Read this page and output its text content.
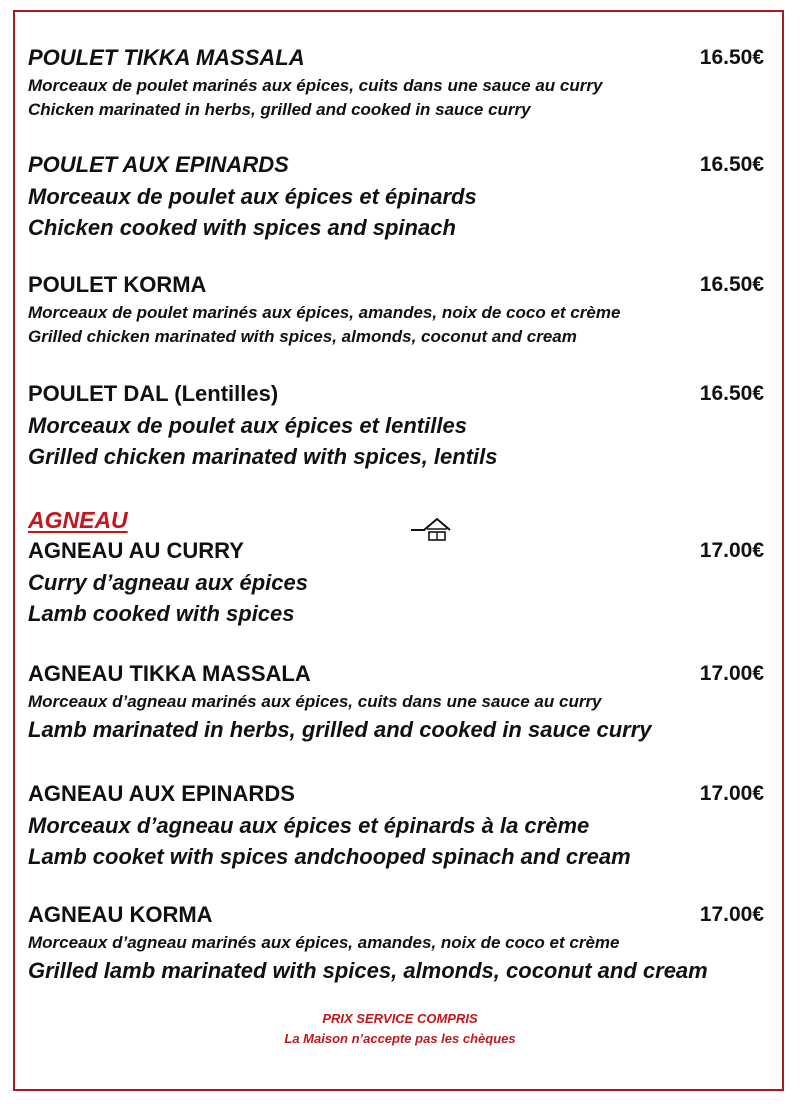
POULET TIKKA MASSALA	16.50€
Morceaux de poulet marinés aux épices, cuits dans une sauce au curry
Chicken marinated in herbs, grilled and cooked in sauce curry
POULET AUX EPINARDS	16.50€
Morceaux de poulet aux épices et épinards
Chicken cooked with spices and spinach
POULET KORMA	16.50€
Morceaux de poulet marinés aux épices, amandes, noix de coco et crème
Grilled chicken marinated with spices, almonds, coconut and cream
POULET DAL (Lentilles)	16.50€
Morceaux de poulet aux épices et lentilles
Grilled chicken marinated with spices, lentils
AGNEAU
AGNEAU AU CURRY	17.00€
Curry d’agneau aux épices
Lamb cooked with spices
AGNEAU TIKKA MASSALA	17.00€
Morceaux d’agneau marinés aux épices, cuits dans une sauce au curry
Lamb marinated in herbs, grilled and cooked in sauce curry
AGNEAU AUX EPINARDS	17.00€
Morceaux d’agneau aux épices et épinards à la crème
Lamb cooket with spices andchooped spinach and cream
AGNEAU KORMA	17.00€
Morceaux d’agneau marinés aux épices, amandes, noix de coco et crème
Grilled lamb marinated with spices, almonds, coconut and cream
PRIX SERVICE COMPRIS
La Maison n’accepte pas les chèques
